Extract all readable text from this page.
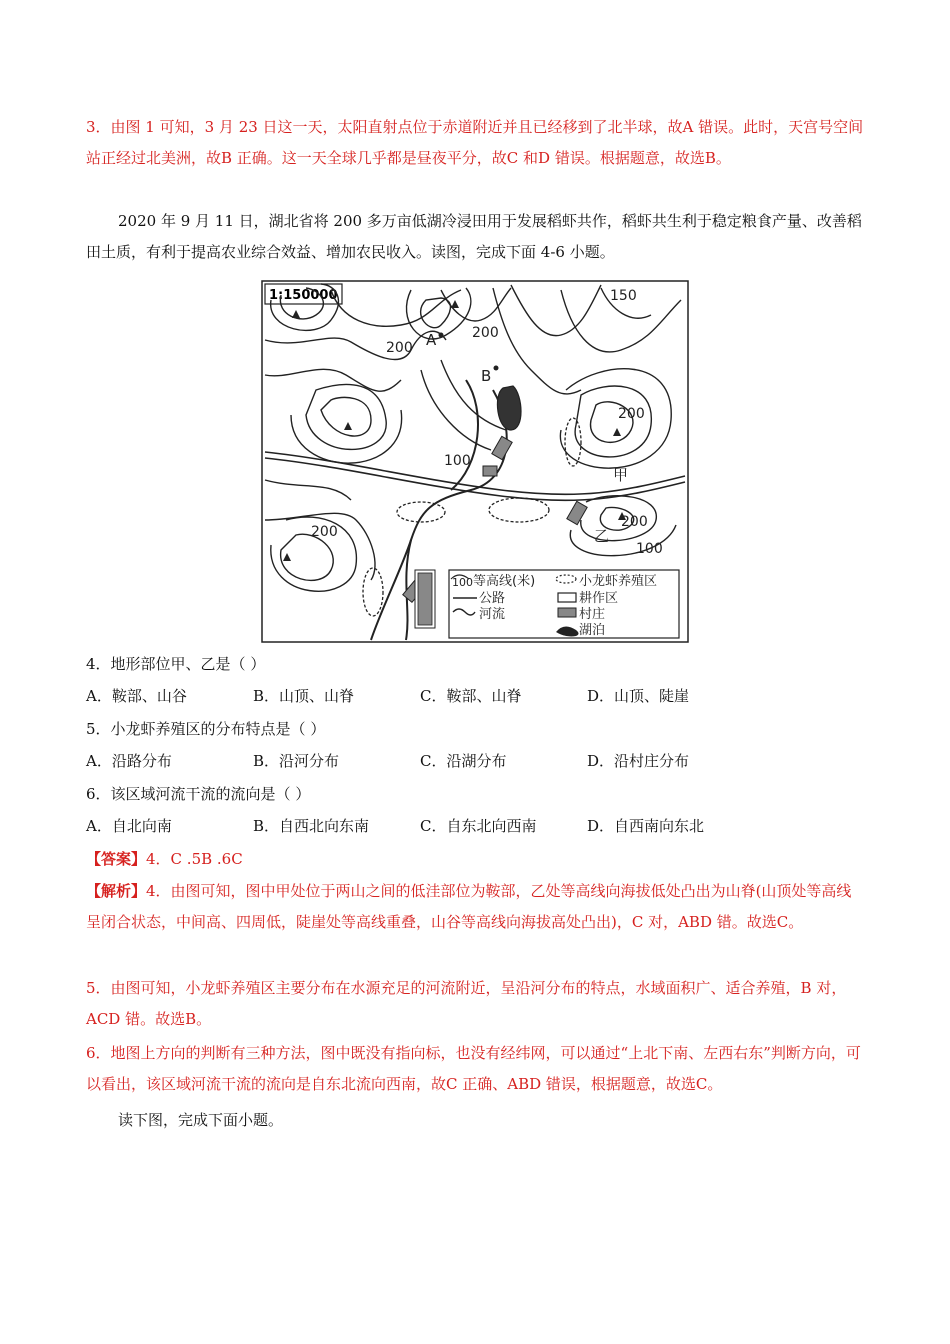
3．由图 1 可知，3 月 23 日这一天，太阳直射点位于赤道附近并且已经移到了北半球，故A 错误。此时，天宫号空间站正经过北美洲，故B 正确。这一天全球几乎都是昼夜平分，故C 和D 错误。根据题意，故选B。

2020 年 9 月 11 日，湖北省将 200 多万亩低湖冷浸田用于发展稻虾共作，稻虾共生利于稳定粮食产量、改善稻田土质，有利于提高农业综合效益、增加农民收入。读图，完成下面 4-6 小题。

1:150000	150
200
200
200
200
200
100
100
A
B
甲
乙
100 等高线(米)	小龙虾养殖区
公路	耕作区
河流	村庄
湖泊

4．地形部位甲、乙是（ ）

A．鞍部、山谷	B．山顶、山脊	C．鞍部、山脊	D．山顶、陡崖

5．小龙虾养殖区的分布特点是（ ）

A．沿路分布	B．沿河分布	C．沿湖分布	D．沿村庄分布

6．该区域河流干流的流向是（ ）

A．自北向南	B．自西北向东南	C．自东北向西南	D．自西南向东北

【答案】4．C .5B .6C

【解析】4．由图可知，图中甲处位于两山之间的低洼部位为鞍部，乙处等高线向海拔低处凸出为山脊(山顶处等高线呈闭合状态，中间高、四周低，陡崖处等高线重叠，山谷等高线向海拔高处凸出)，C 对，ABD 错。故选C。

5．由图可知，小龙虾养殖区主要分布在水源充足的河流附近，呈沿河分布的特点，水域面积广、适合养殖，B 对，ACD 错。故选B。

6．地图上方向的判断有三种方法，图中既没有指向标，也没有经纬网，可以通过“上北下南、左西右东”判断方向，可以看出，该区域河流干流的流向是自东北流向西南，故C 正确、ABD 错误，根据题意，故选C。

读下图，完成下面小题。
